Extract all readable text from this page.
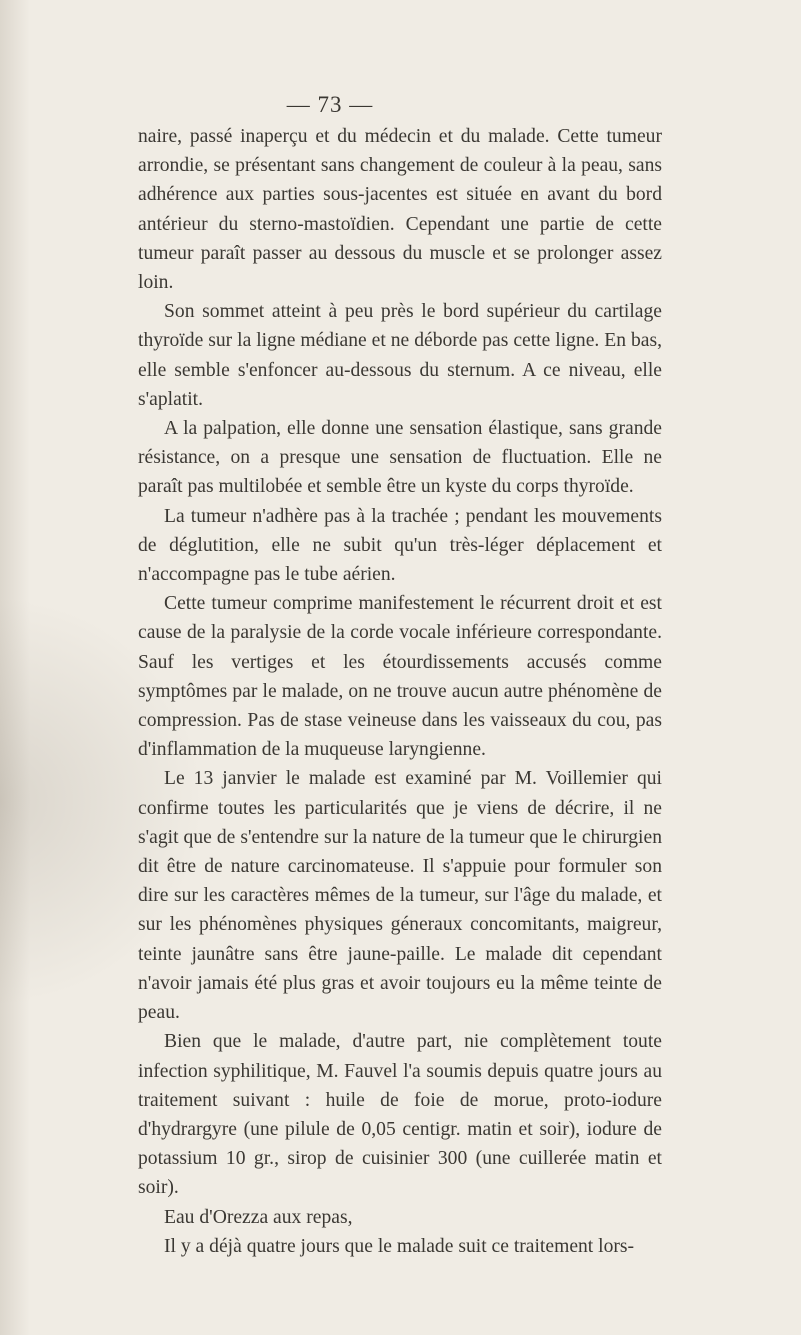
— 73 —

naire, passé inaperçu et du médecin et du malade. Cette tumeur arrondie, se présentant sans changement de couleur à la peau, sans adhérence aux parties sous-jacentes est située en avant du bord antérieur du sterno-mastoïdien. Cependant une partie de cette tumeur paraît passer au dessous du muscle et se prolonger assez loin.

Son sommet atteint à peu près le bord supérieur du cartilage thyroïde sur la ligne médiane et ne déborde pas cette ligne. En bas, elle semble s'enfoncer au-dessous du sternum. A ce niveau, elle s'aplatit.

A la palpation, elle donne une sensation élastique, sans grande résistance, on a presque une sensation de fluctuation. Elle ne paraît pas multilobée et semble être un kyste du corps thyroïde.

La tumeur n'adhère pas à la trachée ; pendant les mouvements de déglutition, elle ne subit qu'un très-léger déplacement et n'accompagne pas le tube aérien.

Cette tumeur comprime manifestement le récurrent droit et est cause de la paralysie de la corde vocale inférieure correspondante. Sauf les vertiges et les étourdissements accusés comme symptômes par le malade, on ne trouve aucun autre phénomène de compression. Pas de stase veineuse dans les vaisseaux du cou, pas d'inflammation de la muqueuse laryngienne.

Le 13 janvier le malade est examiné par M. Voillemier qui confirme toutes les particularités que je viens de décrire, il ne s'agit que de s'entendre sur la nature de la tumeur que le chirurgien dit être de nature carcinomateuse. Il s'appuie pour formuler son dire sur les caractères mêmes de la tumeur, sur l'âge du malade, et sur les phénomènes physiques géneraux concomitants, maigreur, teinte jaunâtre sans être jaune-paille. Le malade dit cependant n'avoir jamais été plus gras et avoir toujours eu la même teinte de peau.

Bien que le malade, d'autre part, nie complètement toute infection syphilitique, M. Fauvel l'a soumis depuis quatre jours au traitement suivant : huile de foie de morue, proto-iodure d'hydrargyre (une pilule de 0,05 centigr. matin et soir), iodure de potassium 10 gr., sirop de cuisinier 300 (une cuillerée matin et soir).

Eau d'Orezza aux repas,

Il y a déjà quatre jours que le malade suit ce traitement lors-
